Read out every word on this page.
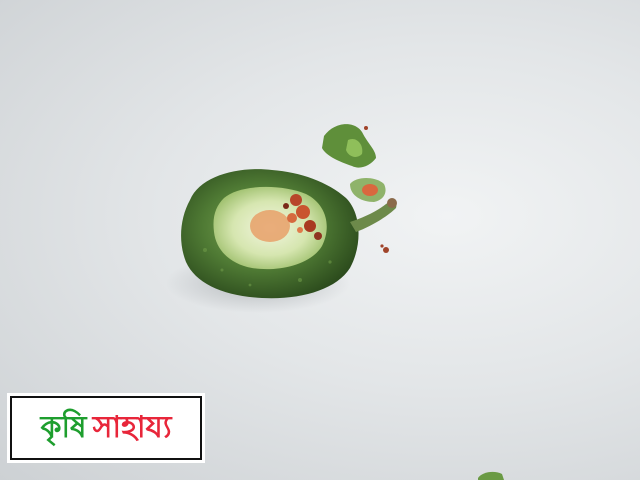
কৃষি সাহায্য
